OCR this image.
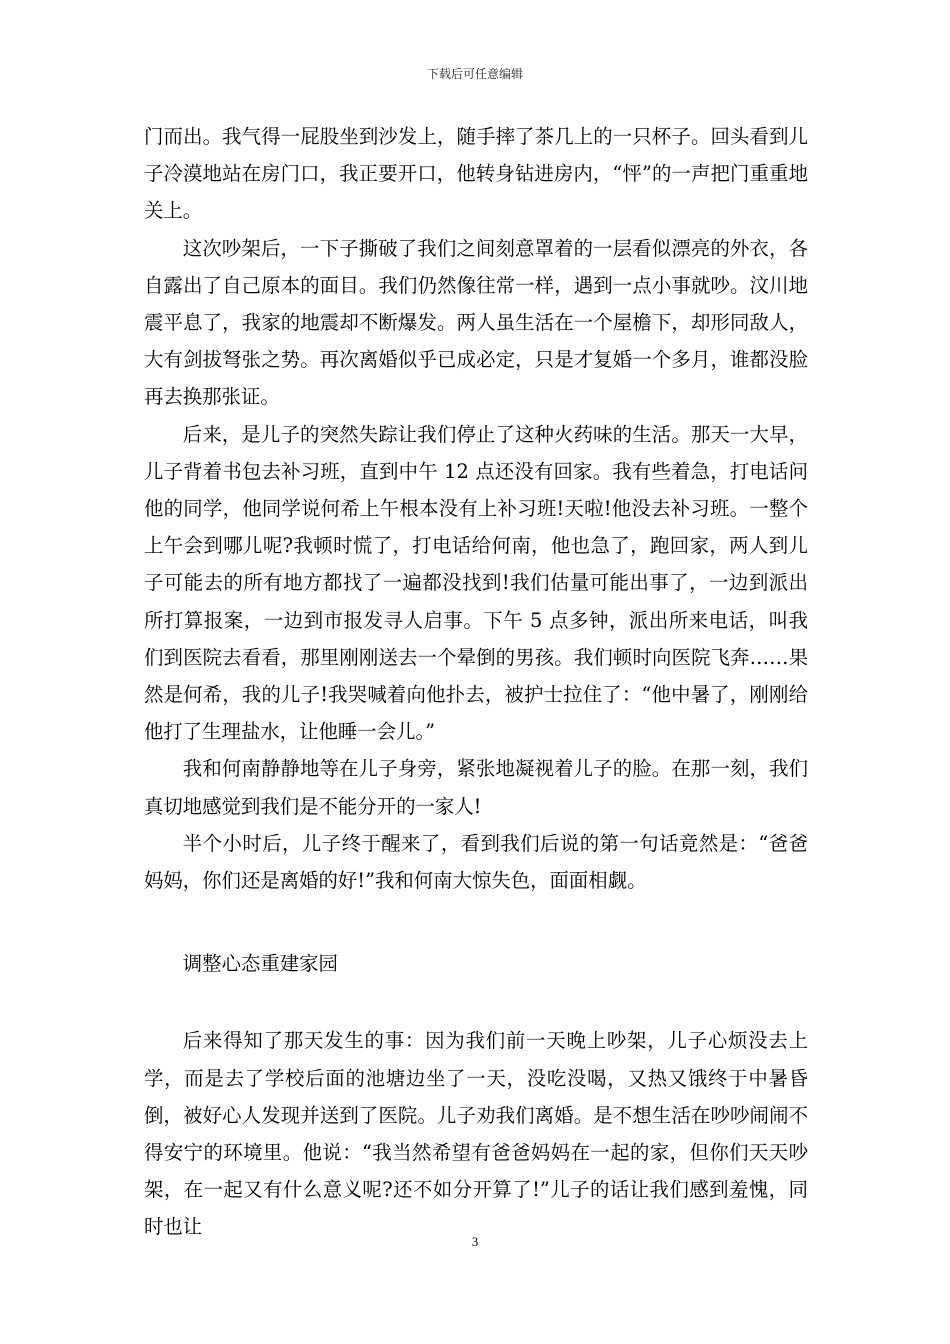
下载后可任意编辑

门而出。我气得一屁股坐到沙发上，随手摔了茶几上的一只杯子。回头看到儿子冷漠地站在房门口，我正要开口，他转身钻进房内，“怦”的一声把门重重地关上。

这次吵架后，一下子撕破了我们之间刻意罩着的一层看似漂亮的外衣，各自露出了自己原本的面目。我们仍然像往常一样，遇到一点小事就吵。汶川地震平息了，我家的地震却不断爆发。两人虽生活在一个屋檐下，却形同敌人，大有剑拔弩张之势。再次离婚似乎已成必定，只是才复婚一个多月，谁都没脸再去换那张证。

后来，是儿子的突然失踪让我们停止了这种火药味的生活。那天一大早，儿子背着书包去补习班，直到中午 12 点还没有回家。我有些着急，打电话问他的同学，他同学说何希上午根本没有上补习班!天啦!他没去补习班。一整个上午会到哪儿呢?我顿时慌了，打电话给何南，他也急了，跑回家，两人到儿子可能去的所有地方都找了一遍都没找到!我们估量可能出事了，一边到派出所打算报案，一边到市报发寻人启事。下午 5 点多钟，派出所来电话，叫我们到医院去看看，那里刚刚送去一个晕倒的男孩。我们顿时向医院飞奔……果然是何希，我的儿子!我哭喊着向他扑去，被护士拉住了：“他中暑了，刚刚给他打了生理盐水，让他睡一会儿。”

我和何南静静地等在儿子身旁，紧张地凝视着儿子的脸。在那一刻，我们真切地感觉到我们是不能分开的一家人!

半个小时后，儿子终于醒来了，看到我们后说的第一句话竟然是：“爸爸妈妈，你们还是离婚的好!”我和何南大惊失色，面面相觑。

调整心态重建家园

后来得知了那天发生的事：因为我们前一天晚上吵架，儿子心烦没去上学，而是去了学校后面的池塘边坐了一天，没吃没喝，又热又饿终于中暑昏倒，被好心人发现并送到了医院。儿子劝我们离婚。是不想生活在吵吵闹闹不得安宁的环境里。他说：“我当然希望有爸爸妈妈在一起的家，但你们天天吵架，在一起又有什么意义呢?还不如分开算了!”儿子的话让我们感到羞愧，同时也让

3
